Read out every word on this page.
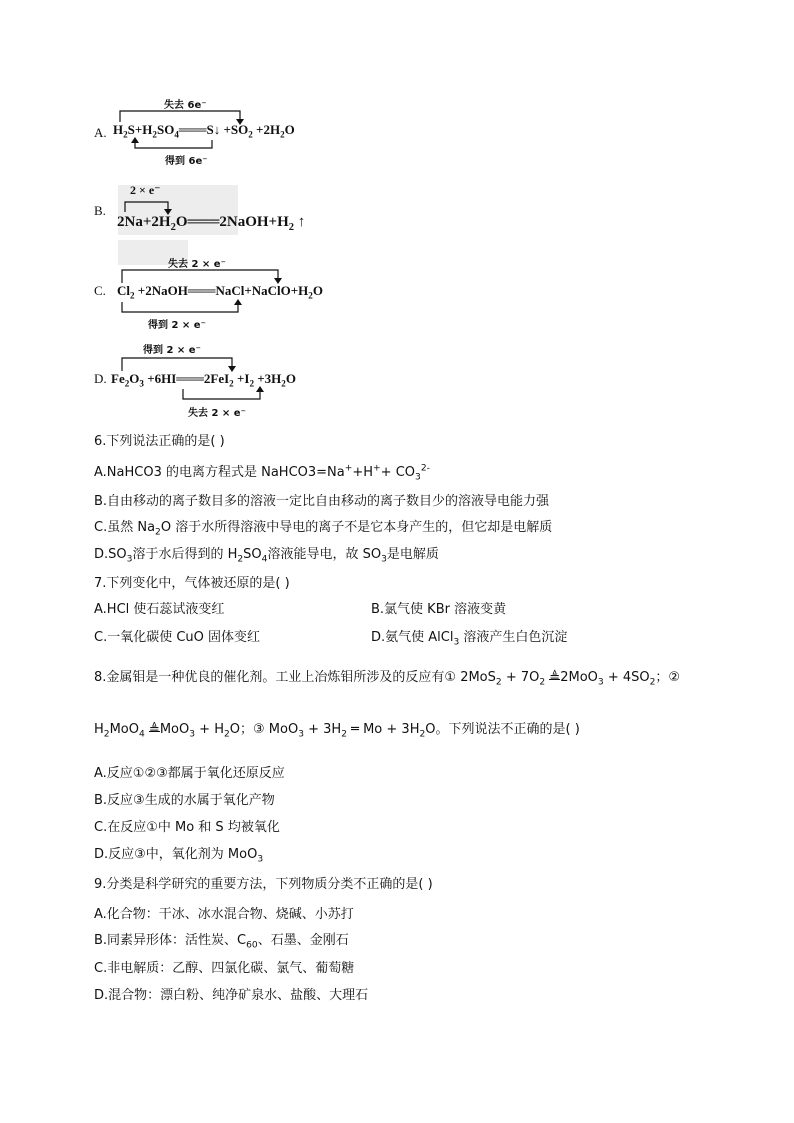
失去 6e⁻
A. $H_2S+H_2SO_4═══S↓ +SO_2 +2H_2O$
得到 6e⁻
2 × e⁻
B.
$2Na+2H_2O═══2NaOH+H_2$ ↑
失去 2 × e⁻
C. $Cl_2$ $+2NaOH═══NaCl+NaClO+H_2O$
得到 2 × e⁻
得到 2 × e⁻
D. $Fe_2O_3$ +6HI═══2FeI$_2$ $+I_2 +3H_2O$
失去 2 × e⁻
6.下列说法正确的是( )
A.NaHCO3 的电离方程式是 NaHCO3=Na++H++ $CO_3^{2-}$
B.自由移动的离子数目多的溶液一定比自由移动的离子数目少的溶液导电能力强
C.虽然 $Na_2O$ 溶于水所得溶液中导电的离子不是它本身产生的，但它却是电解质
$D.SO_3$溶于水后得到的 $H_2SO_4$溶液能导电，故 $SO_3$是电解质
7.下列变化中，气体被还原的是( )
A.HCl 使石蕊试液变红	B.氯气使 KBr 溶液变黄
C.一氧化碳使 CuO 固体变红	D.氨气使 AlCl$_3$ 溶液产生白色沉淀
8.金属钼是一种优良的催化剂。工业上冶炼钼所涉及的反应有① $2MoS_2 + 7O_2$ ≜2MoO$_3$ + $4SO_2$；②
$H_2MoO_4$ ≜MoO$_3$ + $H_2O$；③ $MoO_3 + 3H_2$ ═ $Mo + 3H_2O$。下列说法不正确的是( )
A.反应①②③都属于氧化还原反应
B.反应③生成的水属于氧化产物
C.在反应①中 Mo 和 S 均被氧化
D.反应③中，氧化剂为 MoO$_3$
9.分类是科学研究的重要方法，下列物质分类不正确的是( )
A.化合物：干冰、冰水混合物、烧碱、小苏打
B.同素异形体：活性炭、$C_{60}$、石墨、金刚石
C.非电解质：乙醇、四氯化碳、氯气、葡萄糖
D.混合物：漂白粉、纯净矿泉水、盐酸、大理石
